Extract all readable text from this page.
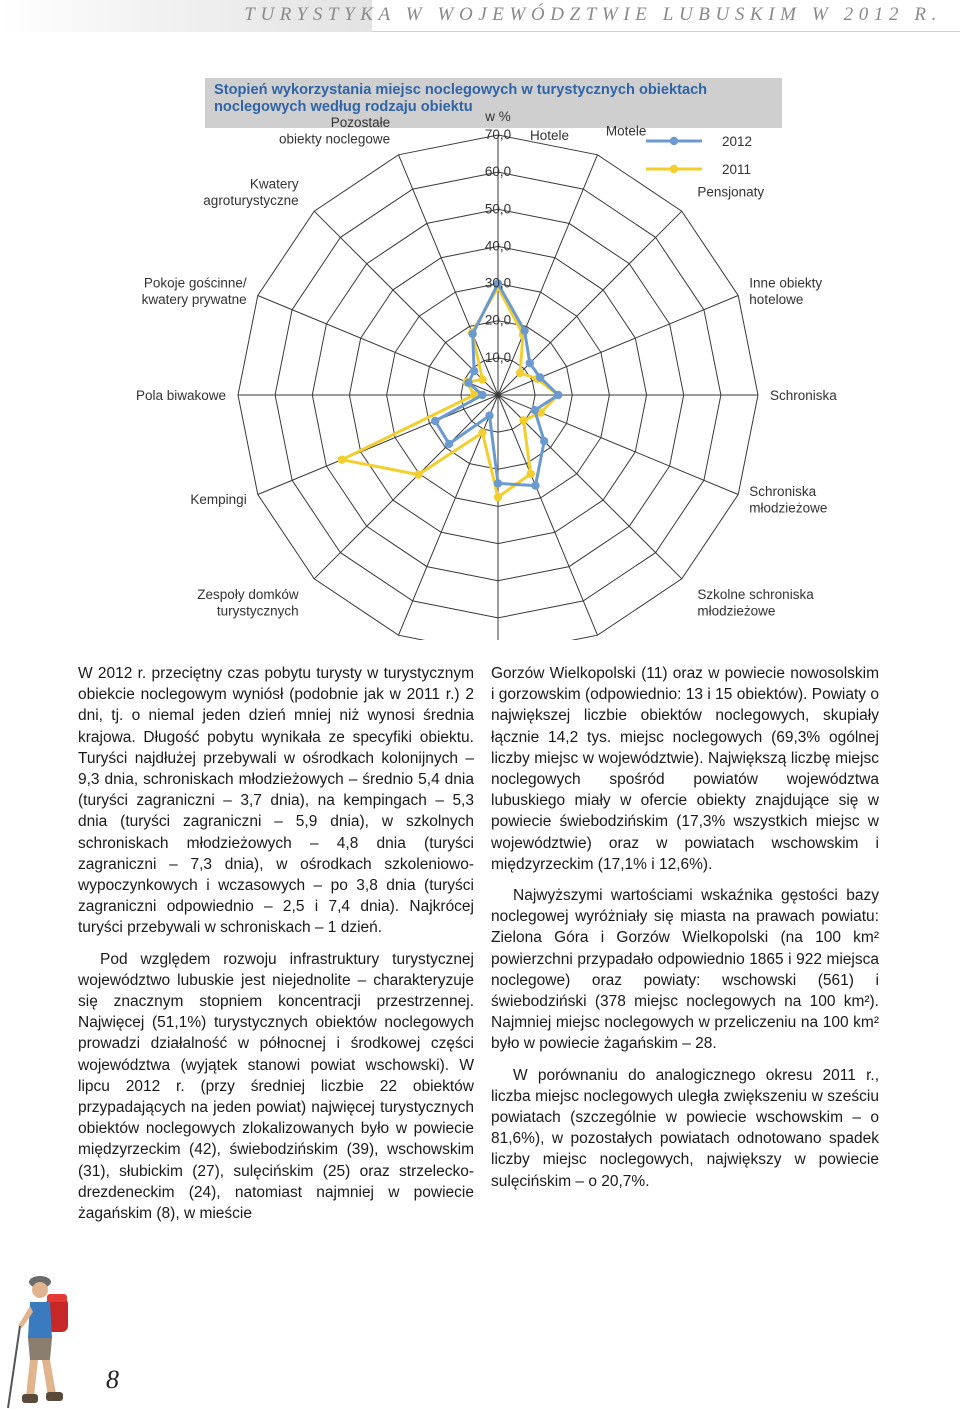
TURYSTYKA W WOJEWÓDZTWIE LUBUSKIM W 2012 R.
Stopień wykorzystania miejsc noclegowych w turystycznych obiektach noclegowych według rodzaju obiektu
10,0
20,0
30,0
40,0
50,0
60,0
70,0
w %
Hotele	Motele
Pensjonaty
Inne obiekty hotelowe
Schroniska
Schroniska młodzieżowe
Szkolne schroniska młodzieżowe
Zespoły domków turystycznych
Kempingi
Pola biwakowe
Pokoje gościnne/ kwatery prywatne
Kwatery agroturystyczne
Pozostałe obiekty noclegowe	2012
2011

W 2012 r. przeciętny czas pobytu turysty w turystycznym obiekcie noclegowym wyniósł (podobnie jak w 2011 r.) 2 dni, tj. o niemal jeden dzień mniej niż wynosi średnia krajowa. Długość pobytu wynikała ze specyfiki obiektu. Turyści najdłużej przebywali w ośrodkach kolonijnych – 9,3 dnia, schroniskach młodzieżowych – średnio 5,4 dnia (turyści zagraniczni – 3,7 dnia), na kempingach – 5,3 dnia (turyści zagraniczni – 5,9 dnia), w szkolnych schroniskach młodzieżowych – 4,8 dnia (turyści zagraniczni – 7,3 dnia), w ośrodkach szkoleniowo-wypoczynkowych i wczasowych – po 3,8 dnia (turyści zagraniczni odpowiednio – 2,5 i 7,4 dnia). Najkrócej turyści przebywali w schroniskach – 1 dzień.

Pod względem rozwoju infrastruktury turystycznej województwo lubuskie jest niejednolite – charakteryzuje się znacznym stopniem koncentracji przestrzennej. Najwięcej (51,1%) turystycznych obiektów noclegowych prowadzi działalność w północnej i środkowej części województwa (wyjątek stanowi powiat wschowski). W lipcu 2012 r. (przy średniej liczbie 22 obiektów przypadających na jeden powiat) najwięcej turystycznych obiektów noclegowych zlokalizowanych było w powiecie międzyrzeckim (42), świebodzińskim (39), wschowskim (31), słubickim (27), sulęcińskim (25) oraz strzelecko-drezdeneckim (24), natomiast najmniej w powiecie żagańskim (8), w mieście

Gorzów Wielkopolski (11) oraz w powiecie nowosolskim i gorzowskim (odpowiednio: 13 i 15 obiektów). Powiaty o największej liczbie obiektów noclegowych, skupiały łącznie 14,2 tys. miejsc noclegowych (69,3% ogólnej liczby miejsc w województwie). Największą liczbę miejsc noclegowych spośród powiatów województwa lubuskiego miały w ofercie obiekty znajdujące się w powiecie świebodzińskim (17,3% wszystkich miejsc w województwie) oraz w powiatach wschowskim i międzyrzeckim (17,1% i 12,6%).

Najwyższymi wartościami wskaźnika gęstości bazy noclegowej wyróżniały się miasta na prawach powiatu: Zielona Góra i Gorzów Wielkopolski (na 100 km² powierzchni przypadało odpowiednio 1865 i 922 miejsca noclegowe) oraz powiaty: wschowski (561) i świebodziński (378 miejsc noclegowych na 100 km²). Najmniej miejsc noclegowych w przeliczeniu na 100 km² było w powiecie żagańskim – 28.

W porównaniu do analogicznego okresu 2011 r., liczba miejsc noclegowych uległa zwiększeniu w sześciu powiatach (szczególnie w powiecie wschowskim – o 81,6%), w pozostałych powiatach odnotowano spadek liczby miejsc noclegowych, największy w powiecie sulęcińskim – o 20,7%.

8
